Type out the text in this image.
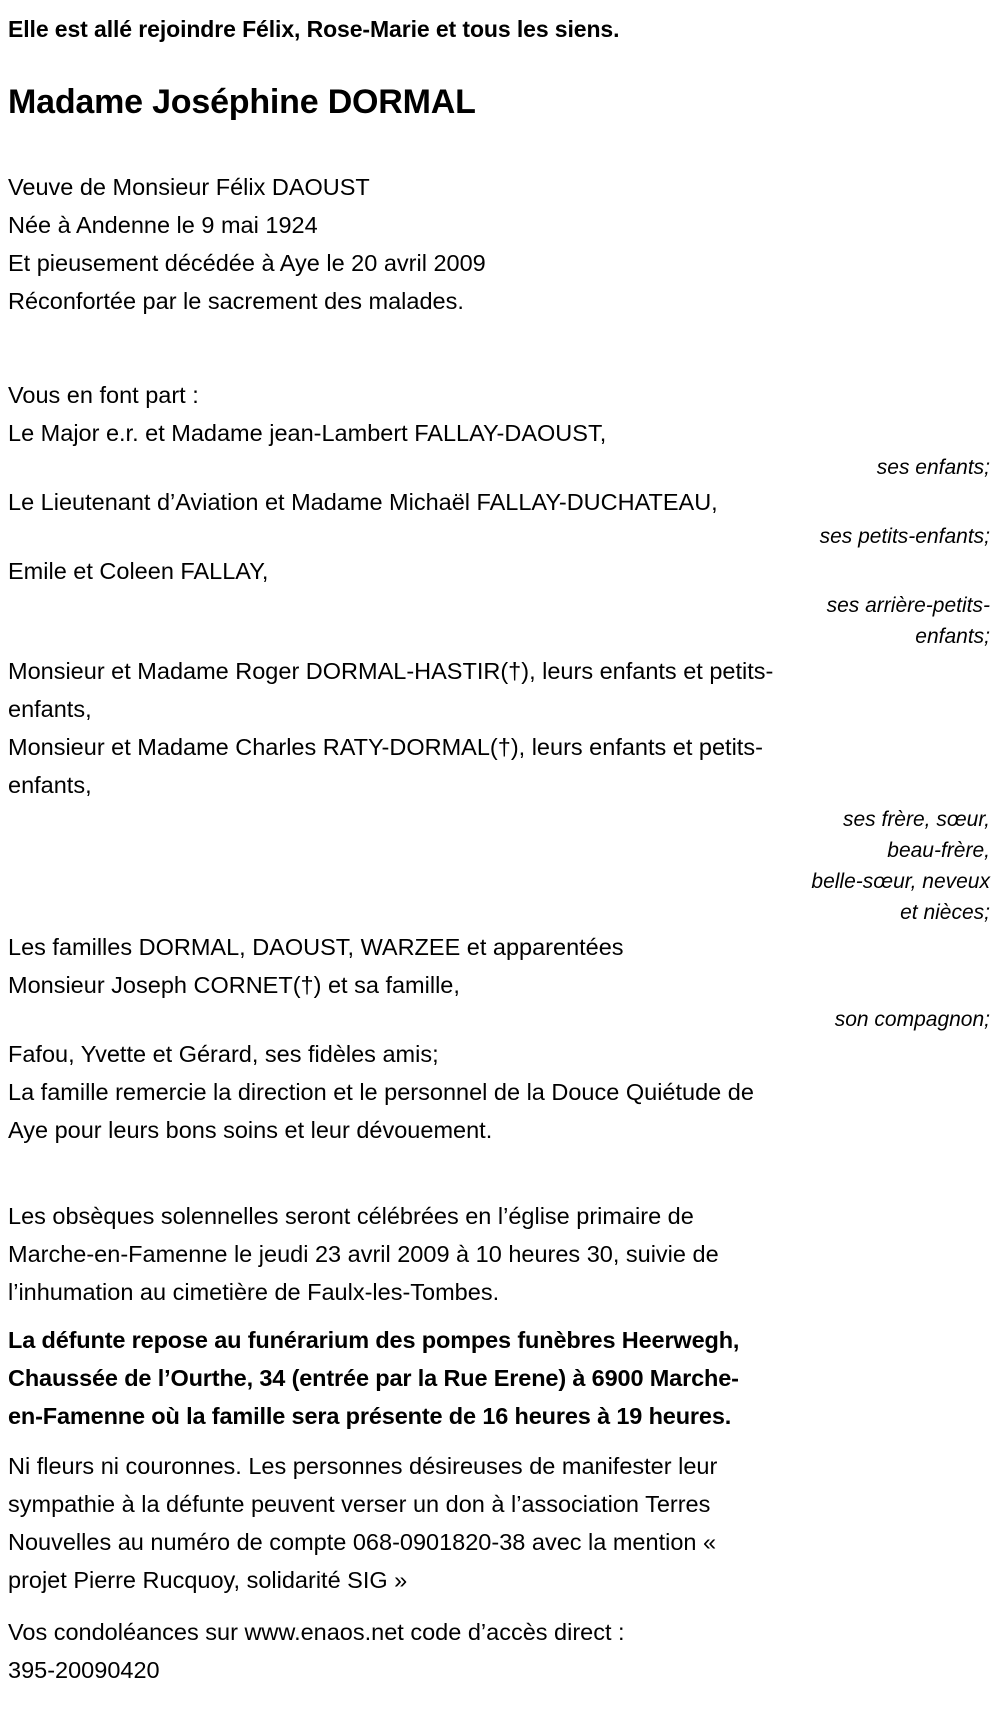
Elle est allé rejoindre Félix, Rose-Marie et tous les siens.

Madame Joséphine DORMAL
Veuve de Monsieur Félix DAOUST
Née à Andenne le 9 mai 1924
Et pieusement décédée à Aye le 20 avril 2009
Réconfortée par le sacrement des malades.
Vous en font part :
Le Major e.r. et Madame jean-Lambert FALLAY-DAOUST,
ses enfants;
Le Lieutenant d’Aviation et Madame Michaël FALLAY-DUCHATEAU,
ses petits-enfants;
Emile et Coleen FALLAY,
ses arrière-petits-
enfants;
Monsieur et Madame Roger DORMAL-HASTIR(†), leurs enfants et petits-
enfants,
Monsieur et Madame Charles RATY-DORMAL(†), leurs enfants et petits-
enfants,
ses frère, sœur,
beau-frère,
belle-sœur, neveux
et nièces;
Les familles DORMAL, DAOUST, WARZEE et apparentées
Monsieur Joseph CORNET(†) et sa famille,
son compagnon;
Fafou, Yvette et Gérard, ses fidèles amis;
La famille remercie la direction et le personnel de la Douce Quiétude de
Aye pour leurs bons soins et leur dévouement.
Les obsèques solennelles seront célébrées en l’église primaire de
Marche-en-Famenne le jeudi 23 avril 2009 à 10 heures 30, suivie de
l’inhumation au cimetière de Faulx-les-Tombes.
La défunte repose au funérarium des pompes funèbres Heerwegh,
Chaussée de l’Ourthe, 34 (entrée par la Rue Erene) à 6900 Marche-
en-Famenne où la famille sera présente de 16 heures à 19 heures.
Ni fleurs ni couronnes. Les personnes désireuses de manifester leur
sympathie à la défunte peuvent verser un don à l’association Terres
Nouvelles au numéro de compte 068-0901820-38 avec la mention «
projet Pierre Rucquoy, solidarité SIG »
Vos condoléances sur www.enaos.net code d’accès direct :
395-20090420
